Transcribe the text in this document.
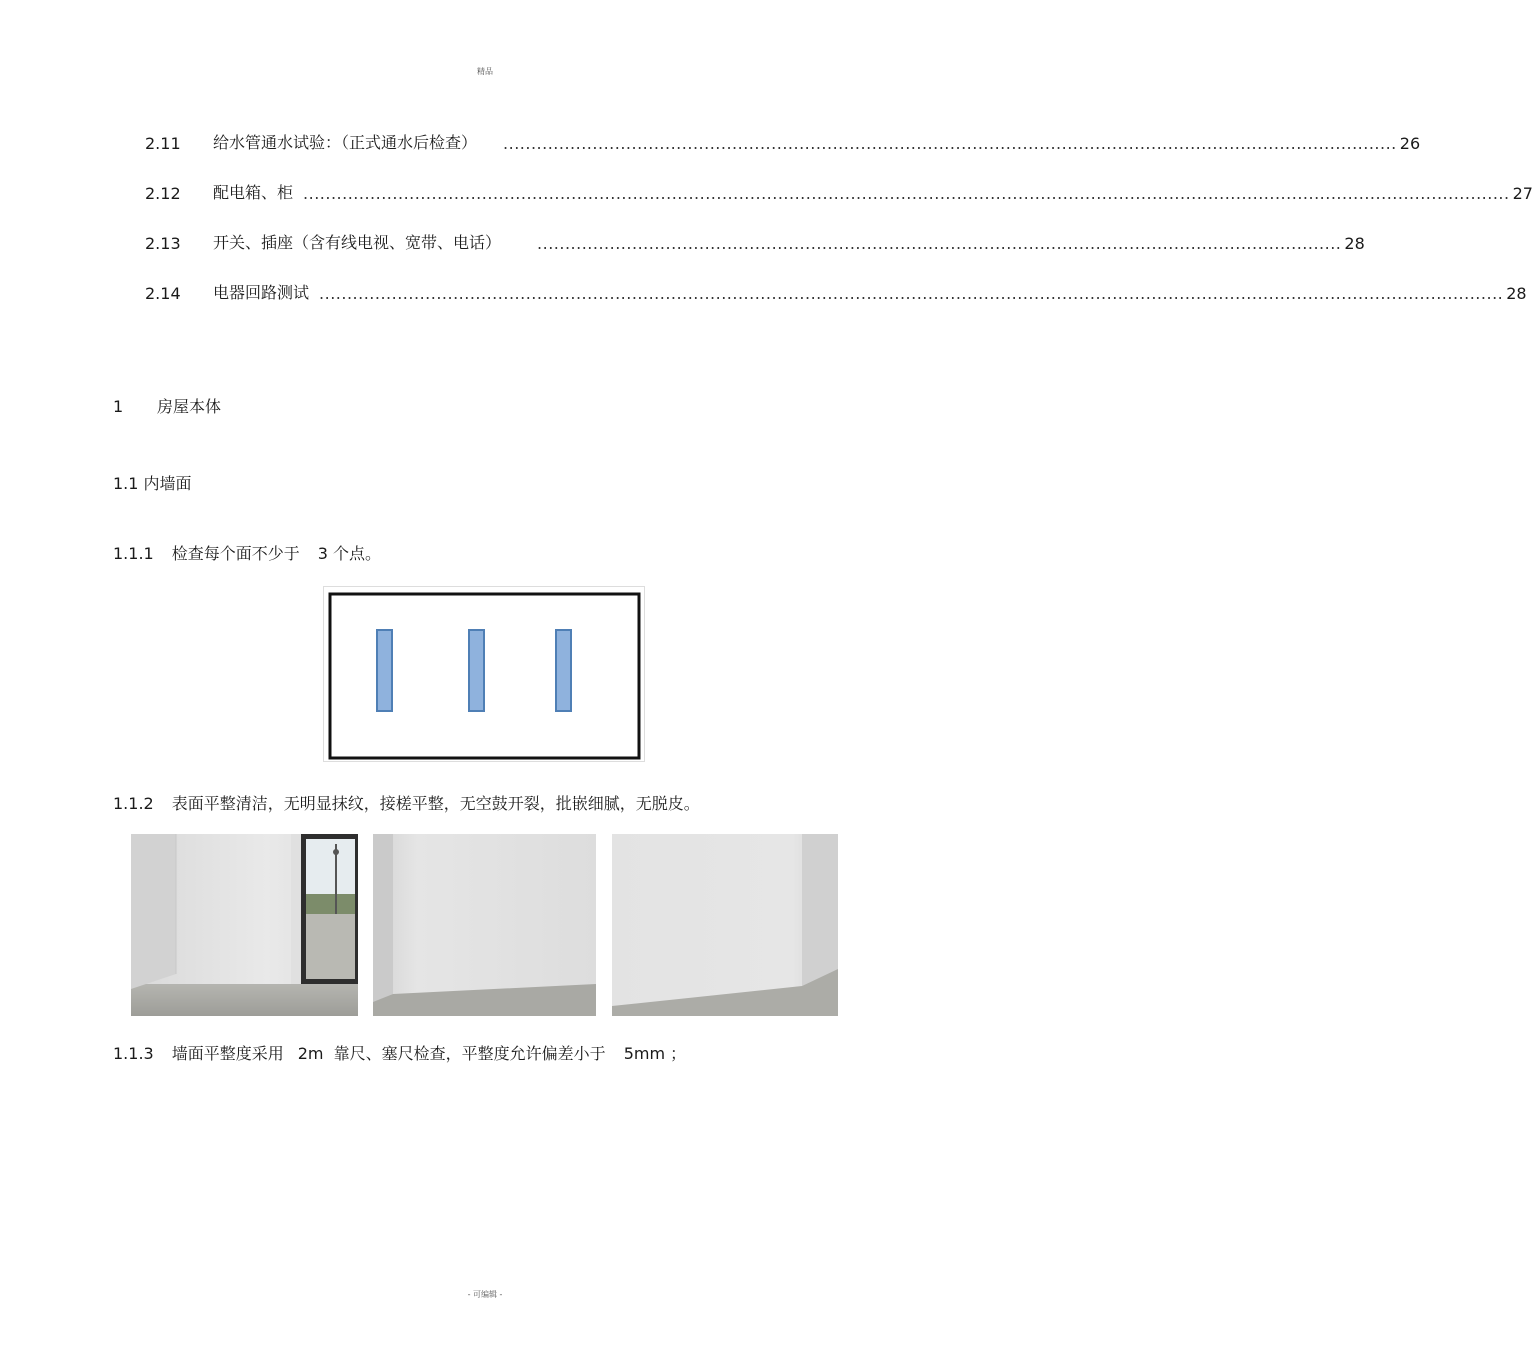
精品
2.11	给水管通水试验：（正式通水后检查） ................................................................................................................................................................ 26
2.12	配电箱、柜 ........................................................................................................................................................................................................................ 27
2.13	开关、插座（含有线电视、宽带、电话） ................................................................................................................................................ 28
2.14	电器回路测试 .................................................................................................................................................................................................................... 28
1 房屋本体
1.1 内墙面
1.1.1 检查每个面不少于 3 个点。
1.1.2 表面平整清洁，无明显抹纹，接槎平整，无空鼓开裂，批嵌细腻，无脱皮。
1.1.3 墙面平整度采用 2m 靠尺、塞尺检查，平整度允许偏差小于 5mm ；
- 可编辑 -
